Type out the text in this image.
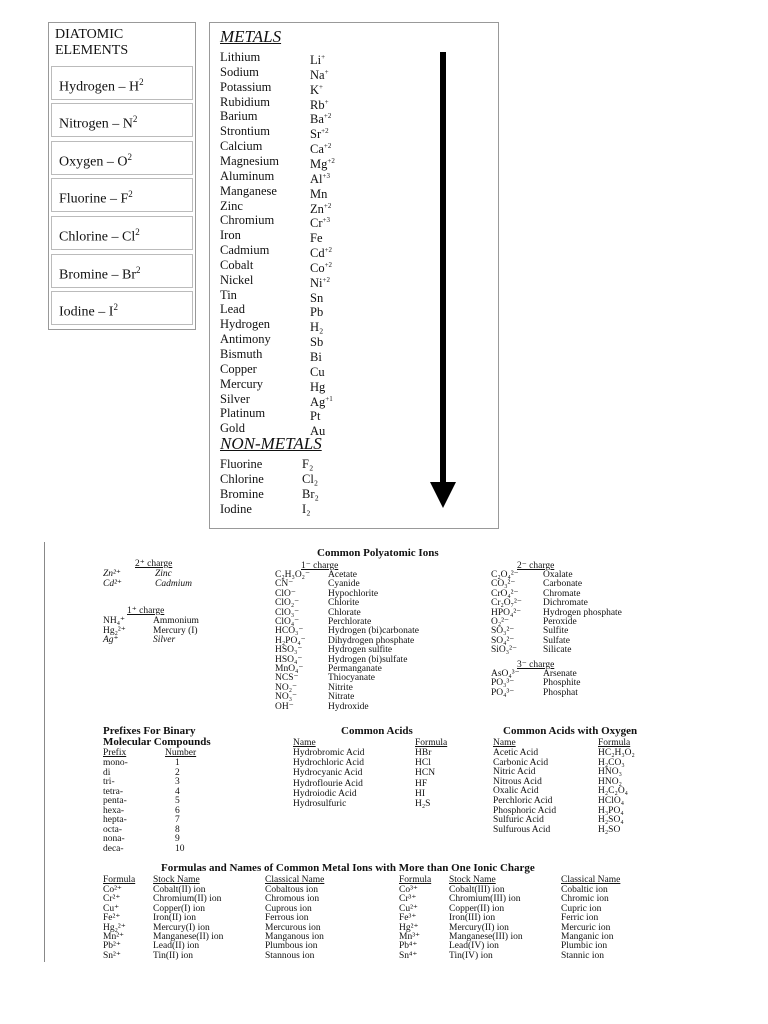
DIATOMIC
ELEMENTS
Hydrogen – $H^2$
Nitrogen – $N^2$
Oxygen – $O^2$
Fluorine – $F^2$
Chlorine – Cl$^2$
Bromine – Br$^2$
Iodine – $I^2$
METALS
Lithium	Li+
Sodium	Na+
Potassium	K+
Rubidium	Rb+
Barium	$Ba^{+2}$
Strontium	$Sr^{+2}$
Calcium	$Ca^{+2}$
Magnesium $Mg^{+2}$
Aluminum	$Al^{+3}$
Manganese	Mn
Zinc	$Zn^{+2}$
Chromium	$Cr^{+3}$
Iron	Fe
Cadmium	$Cd^{+2}$
Cobalt	$Co^{+2}$
Nickel	$Ni^{+2}$
Tin	Sn
Lead	Pb
Hydrogen	H₂
Antimony	Sb
Bismuth	Bi
Copper	Cu
Mercury	Hg
Silver	$Ag^{+1}$
Platinum	Pt
Gold	Au
NON-METALS
Fluorine	F₂
Chlorine	Cl₂
Bromine	Br₂
Iodine	I₂
2⁺ charge
Zn²⁺	Zinc
Cd²⁺	Cadmium
1⁺ charge
NH₄⁺	Ammonium
Hg₂²⁺	Mercury (I)
Ag⁺	Silver
Common Polyatomic Ions
1⁻ charge
C₂H₃O₂⁻ Acetate
CN⁻	Cyanide
ClO⁻	Hypochlorite
ClO₂⁻	Chlorite
ClO₃⁻	Chlorate
ClO₄⁻	Perchlorate
HCO₃⁻	Hydrogen (bi)carbonate
H₂PO₄⁻ Dihydrogen phosphate
HSO₃⁻	Hydrogen sulfite
HSO₄⁻	Hydrogen (bi)sulfate
MnO₄⁻	Permanganate
NCS⁻	Thiocyanate
NO₂⁻	Nitrite
NO₃⁻	Nitrate
OH⁻	Hydroxide
2⁻ charge
C₂O₄²⁻	Oxalate
CO₃²⁻	Carbonate
CrO₄²⁻	Chromate
Cr₂O₇²⁻ Dichromate
HPO₄²⁻ Hydrogen phosphate
O₂²⁻	Peroxide
SO₃²⁻	Sulfite
SO₄²⁻	Sulfate
SiO₃²⁻	Silicate
3⁻ charge
AsO₄³⁻ Arsenate
PO₃³⁻	Phosphite
PO₄³⁻	Phosphat
Prefixes For Binary
Molecular Compounds
Prefix	Number
mono-	1
di	2
tri-	3
tetra-	4
penta-	5
hexa-	6
hepta-	7
octa-	8
nona-	9
deca-	10
Common Acids
Name	Formula
Hydrobromic Acid	HBr
Hydrochloric Acid	HCl
Hydrocyanic Acid	HCN
Hydroflourie Acid	HF
Hydroiodic Acid	HI
Hydrosulfuric	H₂S
Common Acids with Oxygen
Name	Formula
Acetic Acid	HC₂H₃O₂
Carbonic Acid	H₂CO₃
Nitric Acid	HNO₃
Nitrous Acid	HNO₂
Oxalic Acid	H₂C₂O₄
Perchloric Acid	HClO₄
Phosphoric Acid	H₃PO₄
Sulfuric Acid	H₂SO₄
Sulfurous Acid	H₂SO
Formulas and Names of Common Metal Ions with More than One Ionic Charge
Formula Stock Name	Classical Name	Formula Stock Name	Classical Name
Co²⁺	Cobalt(II) ion	Cobaltous ion
Cr²⁺	Chromium(II) ion	Chromous ion
Cu⁺	Copper(I) ion	Cuprous ion
Fe²⁺	Iron(II) ion	Ferrous ion
Hg₂²⁺	Mercury(I) ion	Mercurous ion
Mn²⁺	Manganese(II) ion	Manganous ion
Pb²⁺	Lead(II) ion	Plumbous ion
Sn²⁺	Tin(II) ion	Stannous ion
Co³⁺	Cobalt(III) ion	Cobaltic ion
Cr³⁺	Chromium(III) ion	Chromic ion
Cu²⁺	Copper(II) ion	Cupric ion
Fe³⁺	Iron(III) ion	Ferric ion
Hg²⁺	Mercury(II) ion	Mercuric ion
Mn³⁺	Manganese(III) ion	Manganic ion
Pb⁴⁺	Lead(IV) ion	Plumbic ion
Sn⁴⁺	Tin(IV) ion	Stannic ion
